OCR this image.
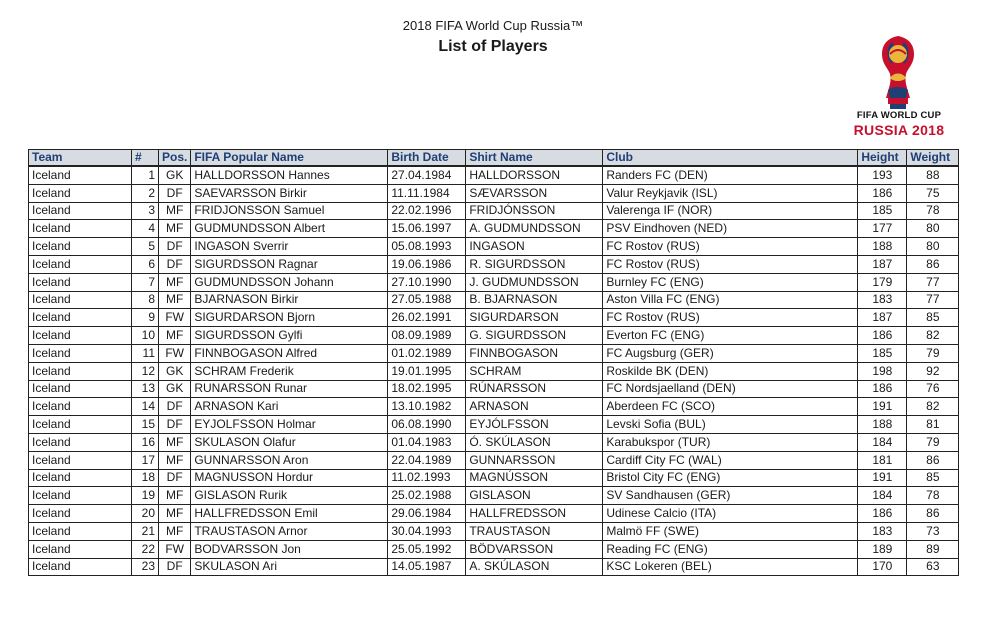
2018 FIFA World Cup Russia™
List of Players
FIFA WORLD CUP
RUSSIA 2018
Team	#	Pos.	FIFA Popular Name	Birth Date	Shirt Name	Club	Height	Weight
Iceland	1	GK	HALLDORSSON Hannes	27.04.1984	HALLDORSSON	Randers FC (DEN)	193	88
Iceland	2	DF	SAEVARSSON Birkir	11.11.1984	SÆVARSSON	Valur Reykjavik (ISL)	186	75
Iceland	3	MF	FRIDJONSSON Samuel	22.02.1996	FRIDJÓNSSON	Valerenga IF (NOR)	185	78
Iceland	4	MF	GUDMUNDSSON Albert	15.06.1997	A. GUDMUNDSSON	PSV Eindhoven (NED)	177	80
Iceland	5	DF	INGASON Sverrir	05.08.1993	INGASON	FC Rostov (RUS)	188	80
Iceland	6	DF	SIGURDSSON Ragnar	19.06.1986	R. SIGURDSSON	FC Rostov (RUS)	187	86
Iceland	7	MF	GUDMUNDSSON Johann	27.10.1990	J. GUDMUNDSSON	Burnley FC (ENG)	179	77
Iceland	8	MF	BJARNASON Birkir	27.05.1988	B. BJARNASON	Aston Villa FC (ENG)	183	77
Iceland	9	FW	SIGURDARSON Bjorn	26.02.1991	SIGURDARSON	FC Rostov (RUS)	187	85
Iceland	10	MF	SIGURDSSON Gylfi	08.09.1989	G. SIGURDSSON	Everton FC (ENG)	186	82
Iceland	11	FW	FINNBOGASON Alfred	01.02.1989	FINNBOGASON	FC Augsburg (GER)	185	79
Iceland	12	GK	SCHRAM Frederik	19.01.1995	SCHRAM	Roskilde BK (DEN)	198	92
Iceland	13	GK	RUNARSSON Runar	18.02.1995	RÚNARSSON	FC Nordsjaelland (DEN)	186	76
Iceland	14	DF	ARNASON Kari	13.10.1982	ARNASON	Aberdeen FC (SCO)	191	82
Iceland	15	DF	EYJOLFSSON Holmar	06.08.1990	EYJÓLFSSON	Levski Sofia (BUL)	188	81
Iceland	16	MF	SKULASON Olafur	01.04.1983	Ó. SKÚLASON	Karabukspor (TUR)	184	79
Iceland	17	MF	GUNNARSSON Aron	22.04.1989	GUNNARSSON	Cardiff City FC (WAL)	181	86
Iceland	18	DF	MAGNUSSON Hordur	11.02.1993	MAGNÚSSON	Bristol City FC (ENG)	191	85
Iceland	19	MF	GISLASON Rurik	25.02.1988	GISLASON	SV Sandhausen (GER)	184	78
Iceland	20	MF	HALLFREDSSON Emil	29.06.1984	HALLFREDSSON	Udinese Calcio (ITA)	186	86
Iceland	21	MF	TRAUSTASON Arnor	30.04.1993	TRAUSTASON	Malmö FF (SWE)	183	73
Iceland	22	FW	BODVARSSON Jon	25.05.1992	BÖDVARSSON	Reading FC (ENG)	189	89
Iceland	23	DF	SKULASON Ari	14.05.1987	A. SKÚLASON	KSC Lokeren (BEL)	170	63
